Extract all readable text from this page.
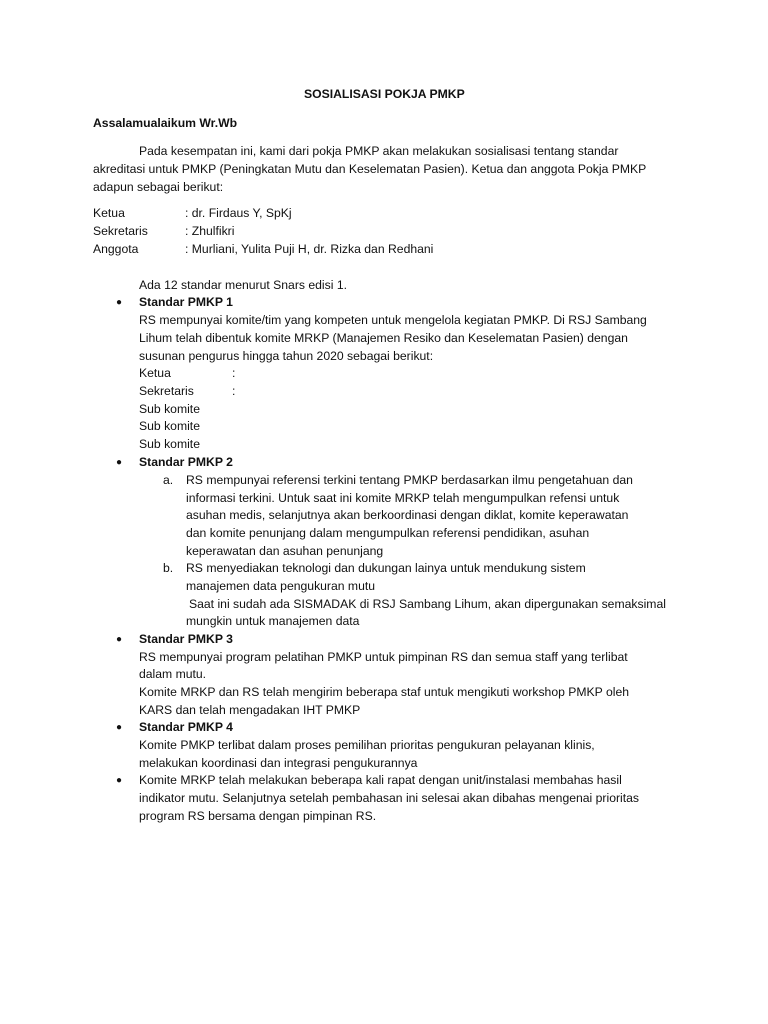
SOSIALISASI POKJA PMKP
Assalamualaikum Wr.Wb
Pada kesempatan ini, kami dari pokja PMKP akan melakukan sosialisasi tentang standar
akreditasi untuk PMKP (Peningkatan Mutu dan Keselematan Pasien). Ketua dan anggota Pokja PMKP
adapun sebagai berikut:
Ketua	: dr. Firdaus Y, SpKj
Sekretaris	: Zhulfikri
Anggota	: Murliani, Yulita Puji H, dr. Rizka dan Redhani
Ada 12 standar menurut Snars edisi 1.
● Standar PMKP 1
RS mempunyai komite/tim yang kompeten untuk mengelola kegiatan PMKP. Di RSJ Sambang
Lihum telah dibentuk komite MRKP (Manajemen Resiko dan Keselematan Pasien) dengan
susunan pengurus hingga tahun 2020 sebagai berikut:
Ketua	:
Sekretaris	:
Sub komite
Sub komite
Sub komite
● Standar PMKP 2
a. RS mempunyai referensi terkini tentang PMKP berdasarkan ilmu pengetahuan dan
informasi terkini. Untuk saat ini komite MRKP telah mengumpulkan refensi untuk
asuhan medis, selanjutnya akan berkoordinasi dengan diklat, komite keperawatan
dan komite penunjang dalam mengumpulkan referensi pendidikan, asuhan
keperawatan dan asuhan penunjang
b. RS menyediakan teknologi dan dukungan lainya untuk mendukung sistem
manajemen data pengukuran mutu
Saat ini sudah ada SISMADAK di RSJ Sambang Lihum, akan dipergunakan semaksimal
mungkin untuk manajemen data
● Standar PMKP 3
RS mempunyai program pelatihan PMKP untuk pimpinan RS dan semua staff yang terlibat
dalam mutu.
Komite MRKP dan RS telah mengirim beberapa staf untuk mengikuti workshop PMKP oleh
KARS dan telah mengadakan IHT PMKP
● Standar PMKP 4
Komite PMKP terlibat dalam proses pemilihan prioritas pengukuran pelayanan klinis,
melakukan koordinasi dan integrasi pengukurannya
● Komite MRKP telah melakukan beberapa kali rapat dengan unit/instalasi membahas hasil
indikator mutu. Selanjutnya setelah pembahasan ini selesai akan dibahas mengenai prioritas
program RS bersama dengan pimpinan RS.
